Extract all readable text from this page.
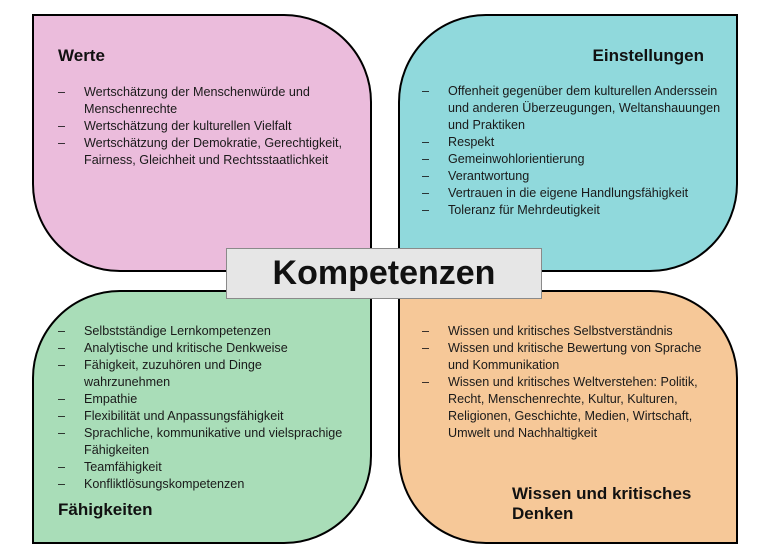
Werte
– Wertschätzung der Menschenwürde und Menschenrechte
– Wertschätzung der kulturellen Vielfalt
– Wertschätzung der Demokratie, Gerechtigkeit, Fairness, Gleichheit und Rechtsstaatlichkeit
Einstellungen
– Offenheit gegenüber dem kulturellen Anderssein und anderen Überzeugungen, Weltanshauungen und Praktiken
– Respekt
– Gemeinwohlorientierung
– Verantwortung
– Vertrauen in die eigene Handlungsfähigkeit
– Toleranz für Mehrdeutigkeit
– Selbstständige Lernkompetenzen
– Analytische und kritische Denkweise
– Fähigkeit, zuzuhören und Dinge wahrzunehmen
– Empathie
– Flexibilität und Anpassungsfähigkeit
– Sprachliche, kommunikative und vielsprachige Fähigkeiten
– Teamfähigkeit
– Konfliktlösungskompetenzen
Fähigkeiten
– Wissen und kritisches Selbstverständnis
– Wissen und kritische Bewertung von Sprache und Kommunikation
– Wissen und kritisches Weltverstehen: Politik, Recht, Menschenrechte, Kultur, Kulturen, Religionen, Geschichte, Medien, Wirtschaft, Umwelt und Nachhaltigkeit
Wissen und kritisches
Denken
Kompetenzen
